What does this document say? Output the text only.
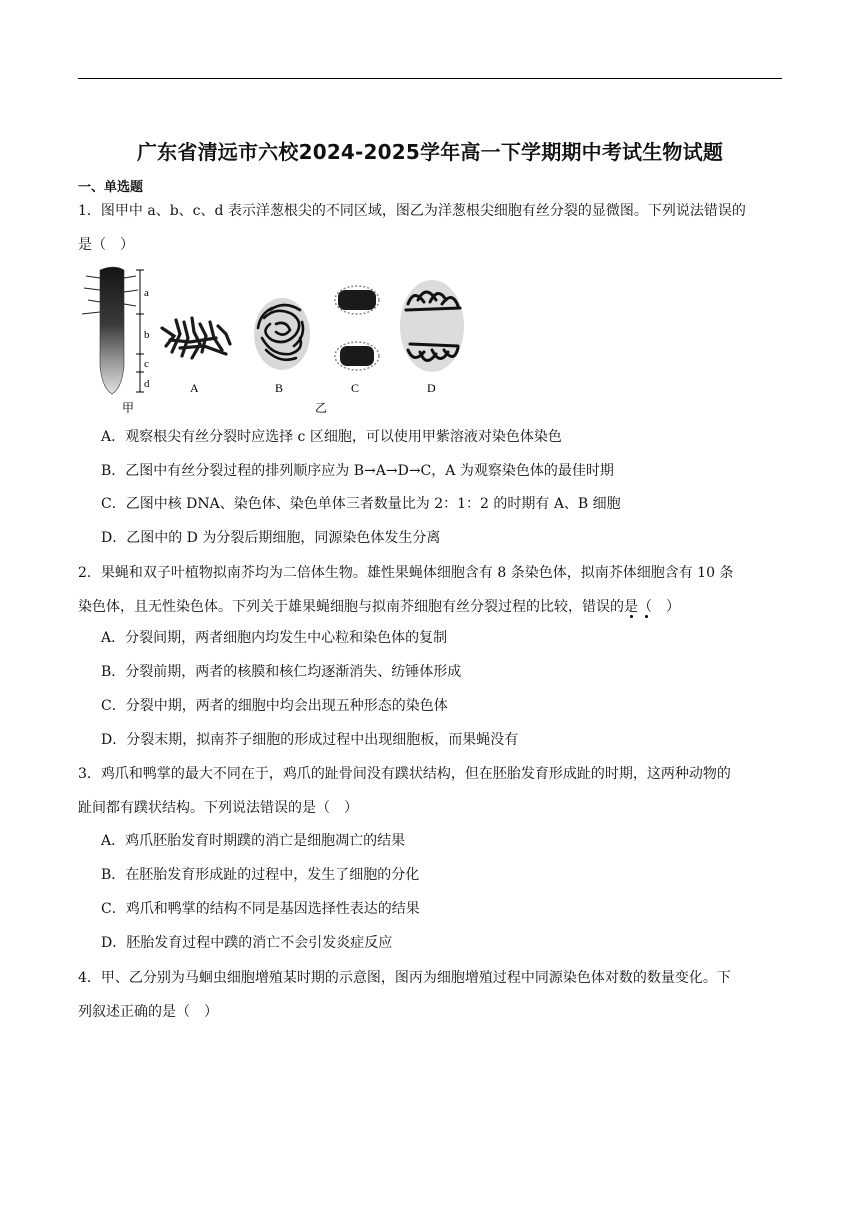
广东省清远市六校2024-2025学年高一下学期期中考试生物试题
一、单选题
1．图甲中 a、b、c、d 表示洋葱根尖的不同区域，图乙为洋葱根尖细胞有丝分裂的显微图。下列说法错误的
是（　）
a
b
c
d	A	B	C	D
甲	乙
A．观察根尖有丝分裂时应选择 c 区细胞，可以使用甲紫溶液对染色体染色
B．乙图中有丝分裂过程的排列顺序应为 B→A→D→C，A 为观察染色体的最佳时期
C．乙图中核 DNA、染色体、染色单体三者数量比为 2：1：2 的时期有 A、B 细胞
D．乙图中的 D 为分裂后期细胞，同源染色体发生分离
2．果蝇和双子叶植物拟南芥均为二倍体生物。雄性果蝇体细胞含有 8 条染色体，拟南芥体细胞含有 10 条
染色体，且无性染色体。下列关于雄果蝇细胞与拟南芥细胞有丝分裂过程的比较，错误的是（　）
A．分裂间期，两者细胞内均发生中心粒和染色体的复制
B．分裂前期，两者的核膜和核仁均逐渐消失、纺锤体形成
C．分裂中期，两者的细胞中均会出现五种形态的染色体
D．分裂末期，拟南芥子细胞的形成过程中出现细胞板，而果蝇没有
3．鸡爪和鸭掌的最大不同在于，鸡爪的趾骨间没有蹼状结构，但在胚胎发育形成趾的时期，这两种动物的
趾间都有蹼状结构。下列说法错误的是（　）
A．鸡爪胚胎发育时期蹼的消亡是细胞凋亡的结果
B．在胚胎发育形成趾的过程中，发生了细胞的分化
C．鸡爪和鸭掌的结构不同是基因选择性表达的结果
D．胚胎发育过程中蹼的消亡不会引发炎症反应
4．甲、乙分别为马蛔虫细胞增殖某时期的示意图，图丙为细胞增殖过程中同源染色体对数的数量变化。下
列叙述正确的是（　）
